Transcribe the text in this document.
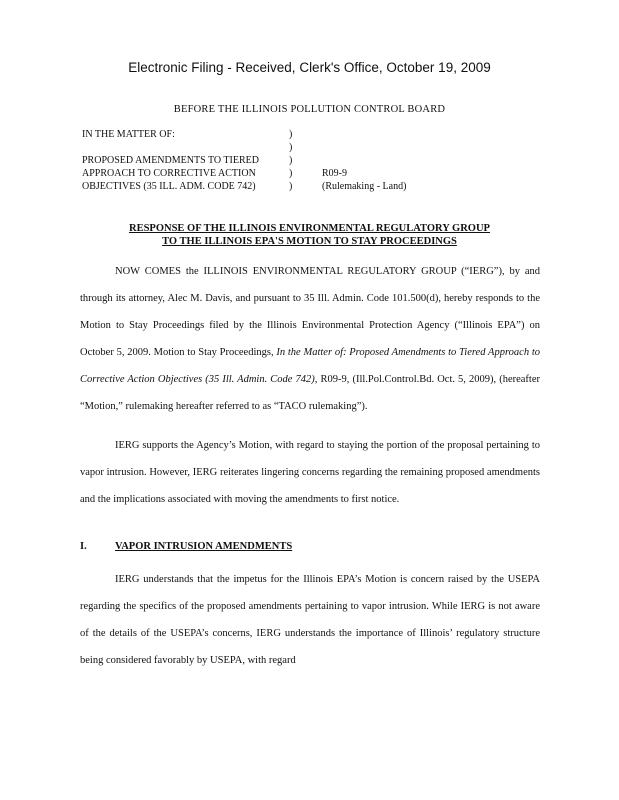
Electronic Filing - Received, Clerk's Office, October 19, 2009
BEFORE THE ILLINOIS POLLUTION CONTROL BOARD
IN THE MATTER OF:	)
)
PROPOSED AMENDMENTS TO TIERED	)
APPROACH TO CORRECTIVE ACTION	)	R09-9
OBJECTIVES (35 ILL. ADM. CODE 742)	)	(Rulemaking - Land)
RESPONSE OF THE ILLINOIS ENVIRONMENTAL REGULATORY GROUP
TO THE ILLINOIS EPA'S MOTION TO STAY PROCEEDINGS

NOW COMES the ILLINOIS ENVIRONMENTAL REGULATORY GROUP (“IERG”), by and through its attorney, Alec M. Davis, and pursuant to 35 Ill. Admin. Code 101.500(d), hereby responds to the Motion to Stay Proceedings filed by the Illinois Environmental Protection Agency (“Illinois EPA”) on October 5, 2009. Motion to Stay Proceedings, In the Matter of: Proposed Amendments to Tiered Approach to Corrective Action Objectives (35 Ill. Admin. Code 742), R09-9, (Ill.Pol.Control.Bd. Oct. 5, 2009), (hereafter “Motion,” rulemaking hereafter referred to as “TACO rulemaking”).

IERG supports the Agency’s Motion, with regard to staying the portion of the proposal pertaining to vapor intrusion. However, IERG reiterates lingering concerns regarding the remaining proposed amendments and the implications associated with moving the amendments to first notice.

I.	VAPOR INTRUSION AMENDMENTS

IERG understands that the impetus for the Illinois EPA’s Motion is concern raised by the USEPA regarding the specifics of the proposed amendments pertaining to vapor intrusion. While IERG is not aware of the details of the USEPA’s concerns, IERG understands the importance of Illinois’ regulatory structure being considered favorably by USEPA, with regard
